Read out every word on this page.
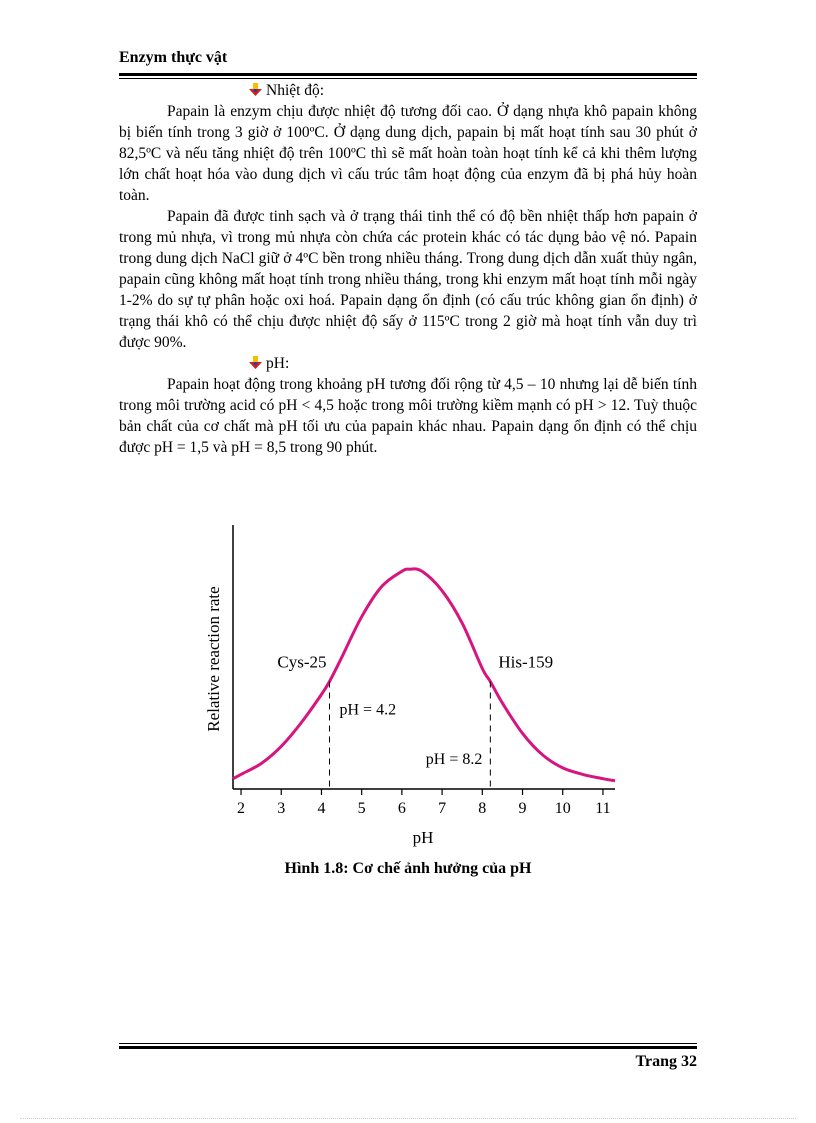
Enzym thực vật

Nhiệt độ:

Papain là enzym chịu được nhiệt độ tương đối cao. Ở dạng nhựa khô papain không bị biến tính trong 3 giờ ở 100ºC. Ở dạng dung dịch, papain bị mất hoạt tính sau 30 phút ở 82,5ºC và nếu tăng nhiệt độ trên 100ºC thì sẽ mất hoàn toàn hoạt tính kể cả khi thêm lượng lớn chất hoạt hóa vào dung dịch vì cấu trúc tâm hoạt động của enzym đã bị phá hủy hoàn toàn.

Papain đã được tinh sạch và ở trạng thái tinh thể có độ bền nhiệt thấp hơn papain ở trong mủ nhựa, vì trong mủ nhựa còn chứa các protein khác có tác dụng bảo vệ nó. Papain trong dung dịch NaCl giữ ở 4ºC bền trong nhiều tháng. Trong dung dịch dẫn xuất thủy ngân, papain cũng không mất hoạt tính trong nhiều tháng, trong khi enzym mất hoạt tính mỗi ngày 1-2% do sự tự phân hoặc oxi hoá. Papain dạng ổn định (có cấu trúc không gian ổn định) ở trạng thái khô có thể chịu được nhiệt độ sấy ở 115ºC trong 2 giờ mà hoạt tính vẫn duy trì được 90%.

pH:

Papain hoạt động trong khoảng pH tương đối rộng từ 4,5 – 10 nhưng lại dễ biến tính trong môi trường acid có pH < 4,5 hoặc trong môi trường kiềm mạnh có pH > 12. Tuỳ thuộc bản chất của cơ chất mà pH tối ưu của papain khác nhau. Papain dạng ổn định có thể chịu được pH = 1,5 và pH = 8,5 trong 90 phút.

2 3 4 5 6 7 8 9 10 11
pH
Relative reaction rate	Cys-25	His-159
pH = 4.2
pH = 8.2
Hình 1.8: Cơ chế ảnh hưởng của pH
Trang 32
